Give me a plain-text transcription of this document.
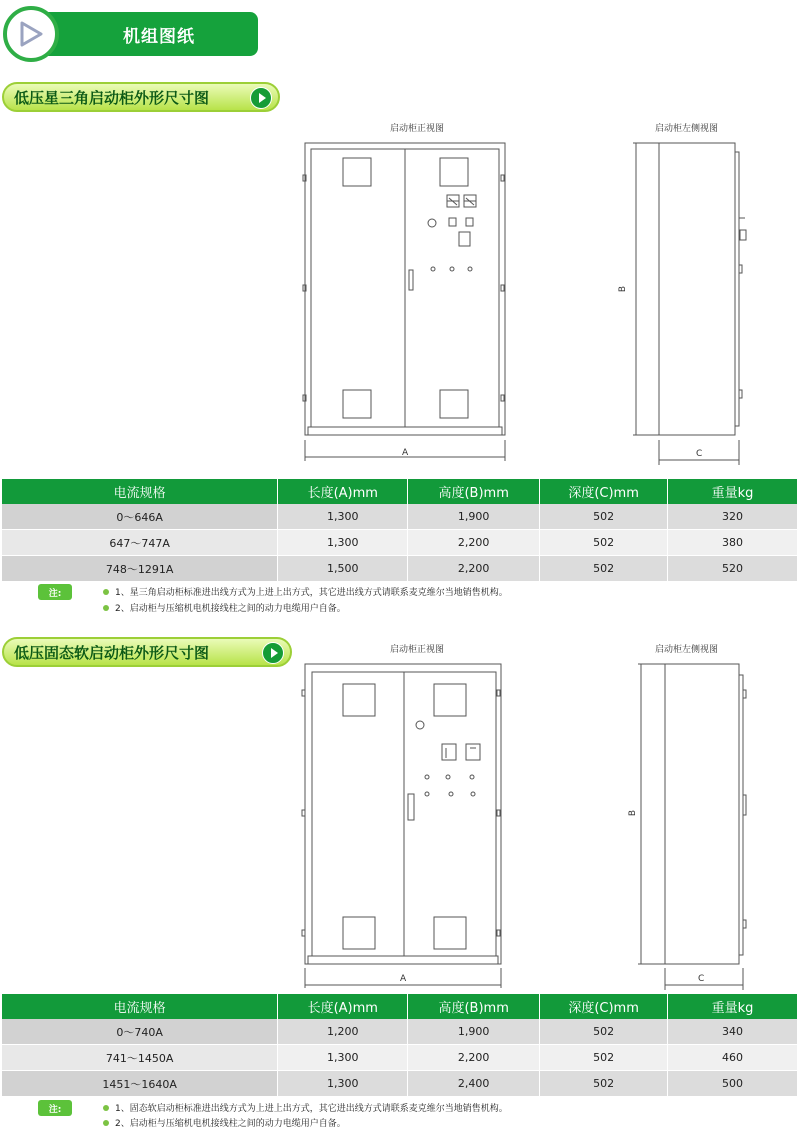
机组图纸
低压星三角启动柜外形尺寸图
启动柜正视图	启动柜左侧视图
A
B
C
电流规格	长度(A)mm	高度(B)mm	深度(C)mm	重量kg
0～646A	1,300	1,900	502	320
647～747A	1,300	2,200	502	380
748～1291A	1,500	2,200	502	520
注:	1、星三角启动柜标准进出线方式为上进上出方式，其它进出线方式请联系麦克维尔当地销售机构。
2、启动柜与压缩机电机接线柱之间的动力电缆用户自备。
低压固态软启动柜外形尺寸图	启动柜正视图	启动柜左侧视图
A
B
C
电流规格	长度(A)mm	高度(B)mm	深度(C)mm	重量kg
0～740A	1,200	1,900	502	340
741～1450A	1,300	2,200	502	460
1451～1640A	1,300	2,400	502	500
注:	1、固态软启动柜标准进出线方式为上进上出方式，其它进出线方式请联系麦克维尔当地销售机构。
2、启动柜与压缩机电机接线柱之间的动力电缆用户自备。
